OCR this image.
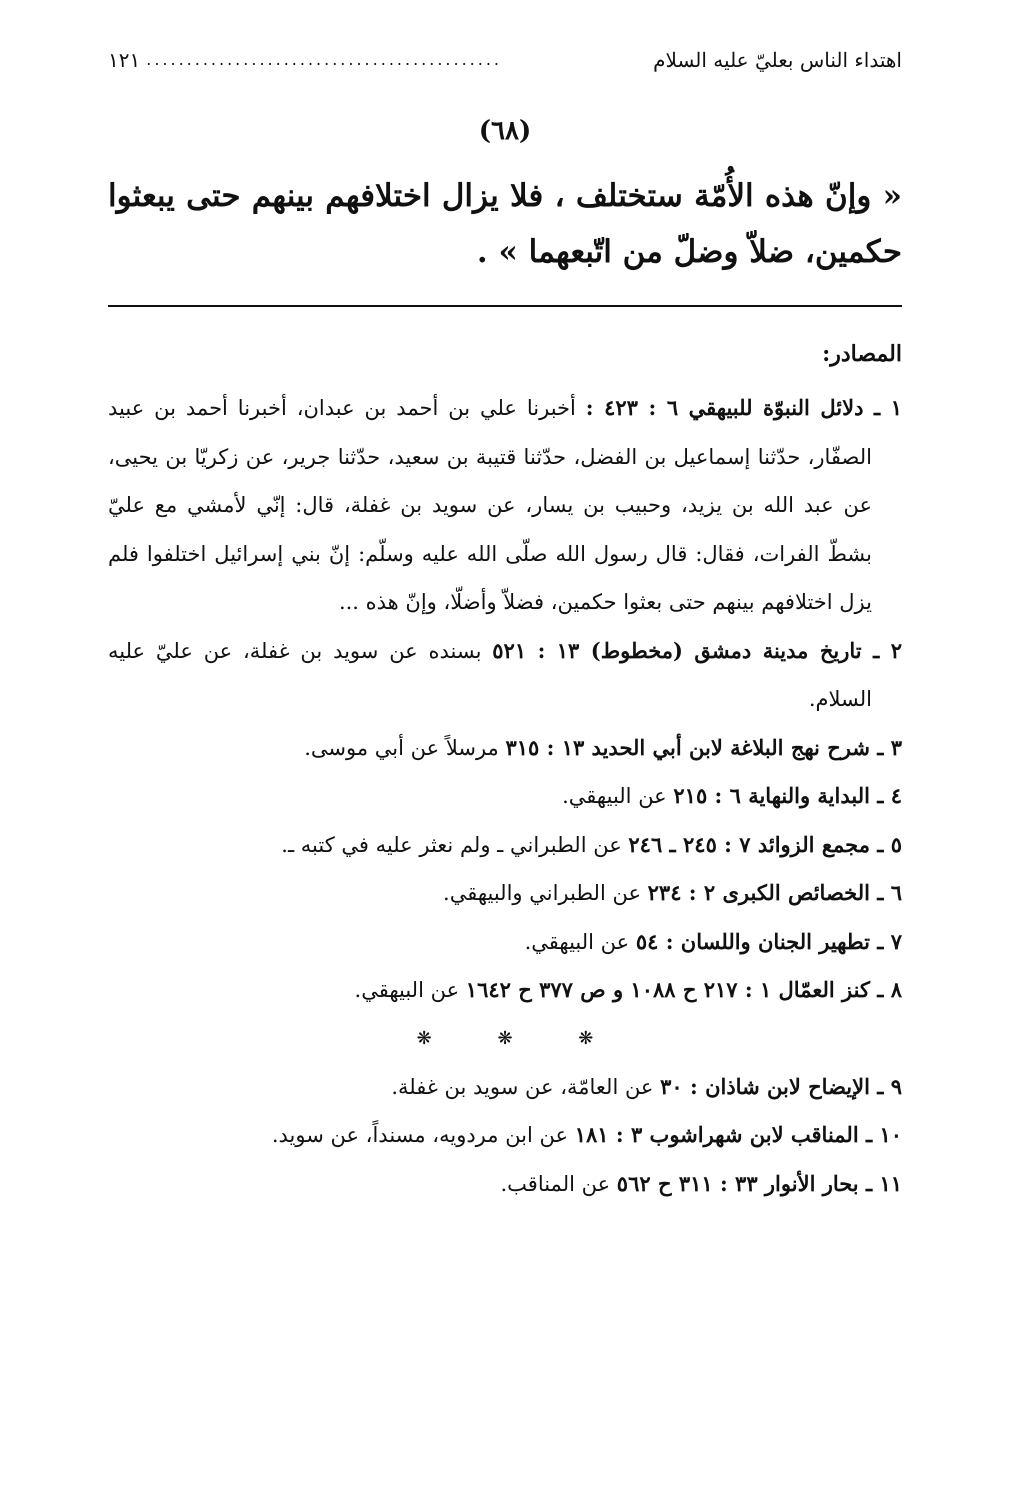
اهتداء الناس بعليّ عليه السلام
............................................
١٢١
(٦٨)
« وإنّ هذه الأُمّة ستختلف ، فلا يزال اختلافهم بينهم حتى يبعثوا حكمين، ضلاّ وضلّ من اتّبعهما » .
المصادر:

١ ـ دلائل النبوّة للبيهقي ٦ : ٤٢٣ : أخبرنا علي بن أحمد بن عبدان، أخبرنا أحمد بن عبيد الصفّار، حدّثنا إسماعيل بن الفضل، حدّثنا قتيبة بن سعيد، حدّثنا جرير، عن زكريّا بن يحيى، عن عبد الله بن يزيد، وحبيب بن يسار، عن سويد بن غفلة، قال: إنّي لأمشي مع عليّ بشطّ الفرات، فقال: قال رسول الله صلّى الله عليه وسلّم: إنّ بني إسرائيل اختلفوا فلم يزل اختلافهم بينهم حتى بعثوا حكمين، فضلاّ وأضلّا، وإنّ هذه ...

٢ ـ تاريخ مدينة دمشق (مخطوط) ١٣ : ٥٢١ بسنده عن سويد بن غفلة، عن عليّ عليه السلام.

٣ ـ شرح نهج البلاغة لابن أبي الحديد ١٣ : ٣١٥ مرسلاً عن أبي موسى.

٤ ـ البداية والنهاية ٦ : ٢١٥ عن البيهقي.

٥ ـ مجمع الزوائد ٧ : ٢٤٥ ـ ٢٤٦ عن الطبراني ـ ولم نعثر عليه في كتبه ـ.

٦ ـ الخصائص الكبرى ٢ : ٢٣٤ عن الطبراني والبيهقي.

٧ ـ تطهير الجنان واللسان : ٥٤ عن البيهقي.

٨ ـ كنز العمّال ١ : ٢١٧ ح ١٠٨٨ و ص ٣٧٧ ح ١٦٤٢ عن البيهقي.

❋ ❋ ❋

٩ ـ الإيضاح لابن شاذان : ٣٠ عن العامّة، عن سويد بن غفلة.

١٠ ـ المناقب لابن شهراشوب ٣ : ١٨١ عن ابن مردويه، مسنداً، عن سويد.

١١ ـ بحار الأنوار ٣٣ : ٣١١ ح ٥٦٢ عن المناقب.
